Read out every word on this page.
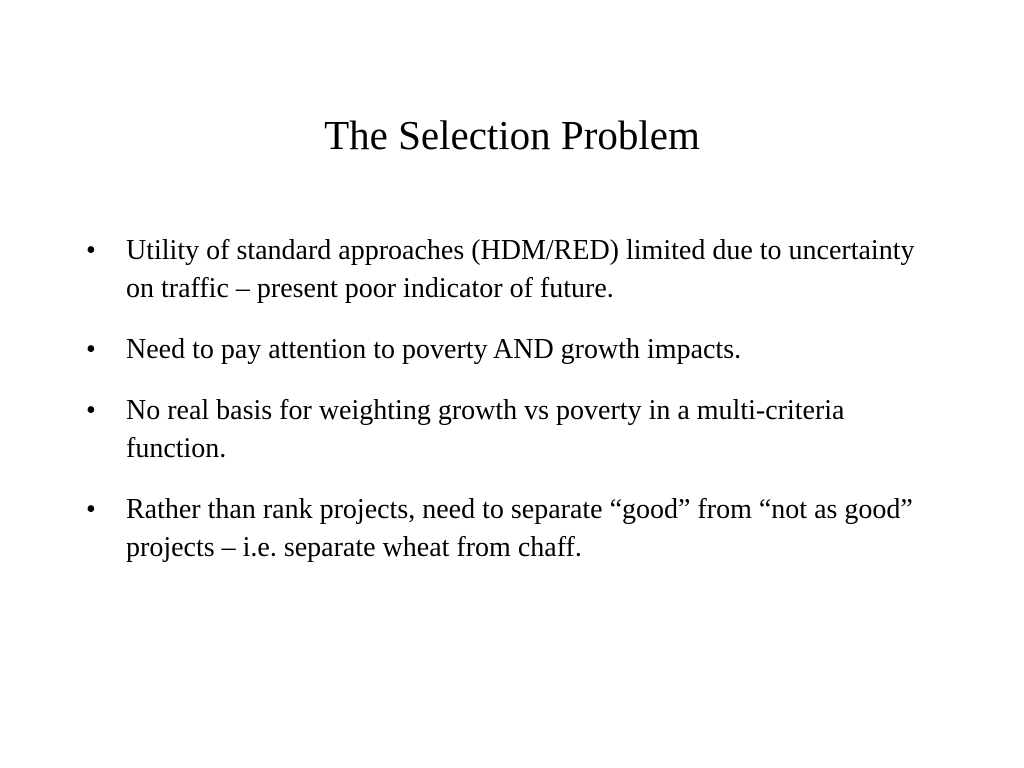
The Selection Problem
•	Utility of standard approaches (HDM/RED) limited due to uncertainty on traffic – present poor indicator of future.
•	Need to pay attention to poverty AND growth impacts.
•	No real basis for weighting growth vs poverty in a multi-criteria function.
•	Rather than rank projects, need to separate “good” from “not as good” projects – i.e. separate wheat from chaff.
